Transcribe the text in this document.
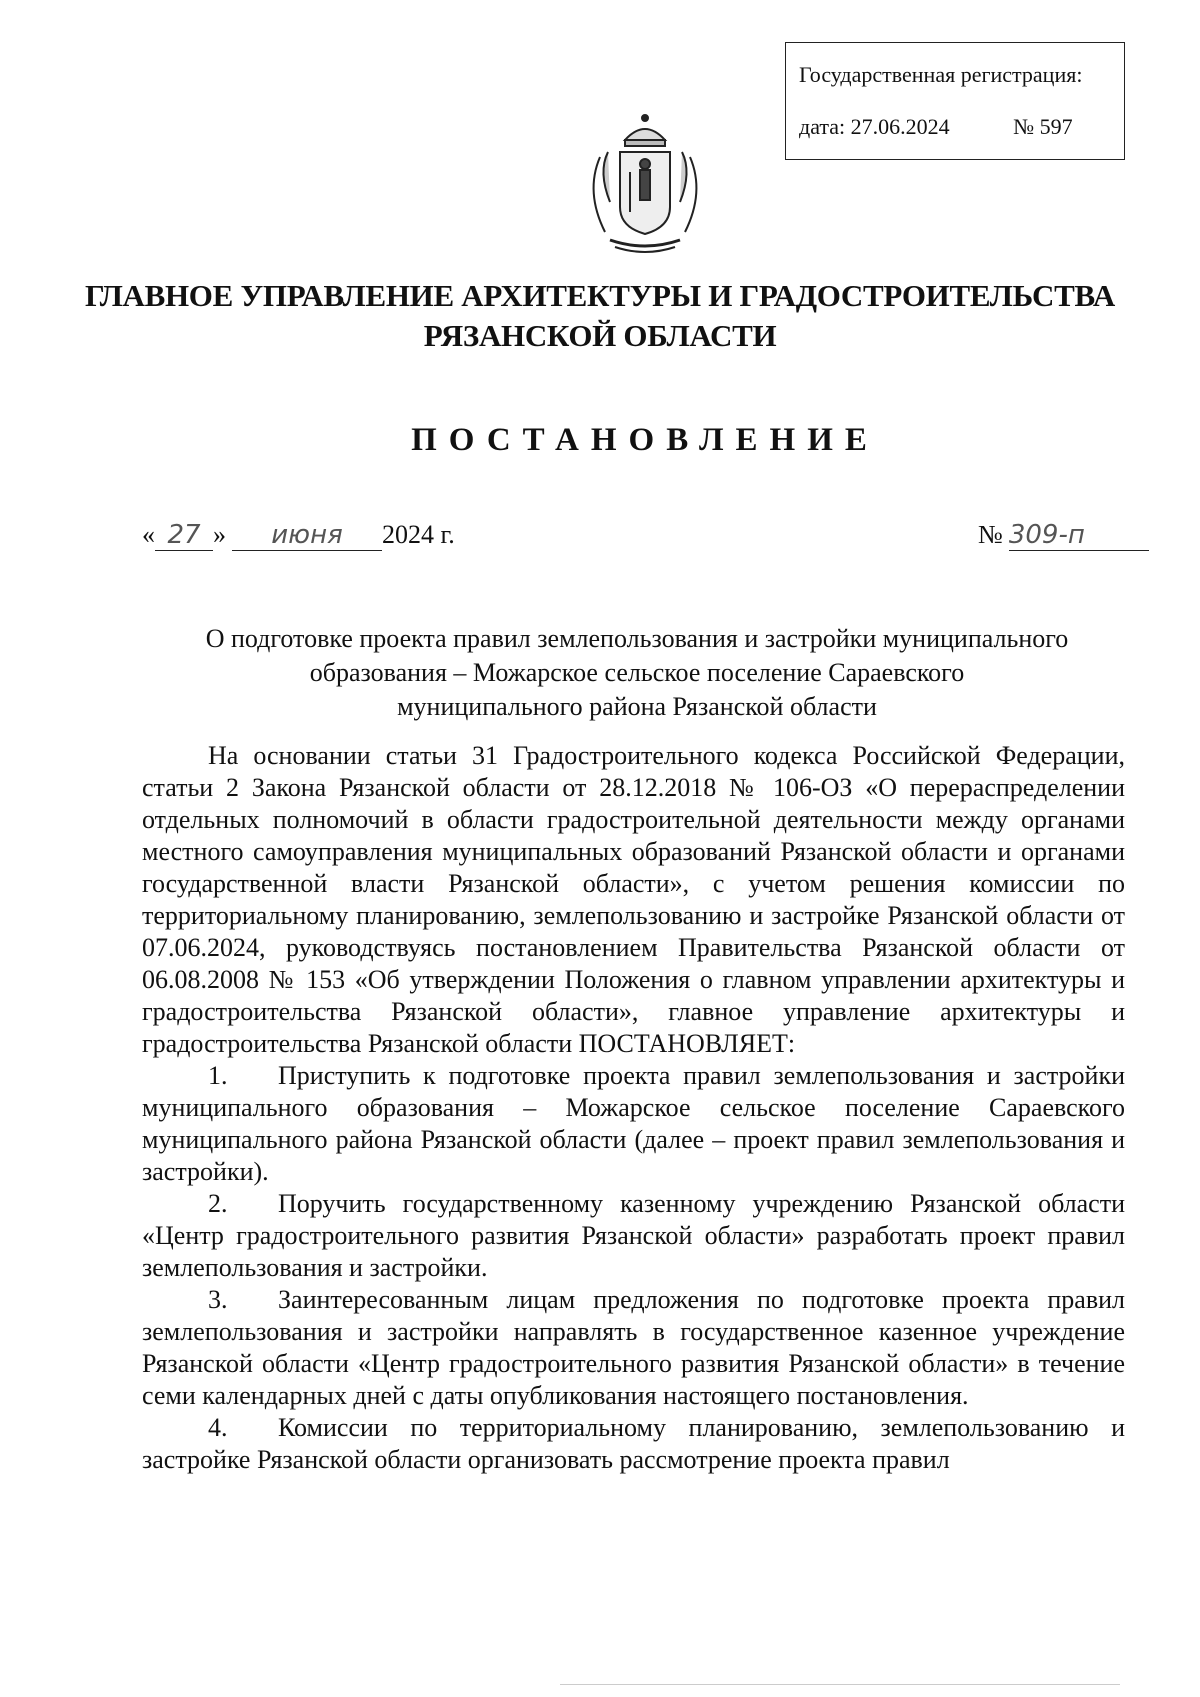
Государственная регистрация:
дата: 27.06.2024	№ 597
ГЛАВНОЕ УПРАВЛЕНИЕ АРХИТЕКТУРЫ И ГРАДОСТРОИТЕЛЬСТВА
РЯЗАНСКОЙ ОБЛАСТИ
ПОСТАНОВЛЕНИЕ
« 27 » июня 2024 г.	№ 309-п
О подготовке проекта правил землепользования и застройки муниципального
образования – Можарское сельское поселение Сараевского
муниципального района Рязанской области

На основании статьи 31 Градостроительного кодекса Российской Федерации, статьи 2 Закона Рязанской области от 28.12.2018 № 106-ОЗ «О перераспределении отдельных полномочий в области градостроительной деятельности между органами местного самоуправления муниципальных образований Рязанской области и органами государственной власти Рязанской области», с учетом решения комиссии по территориальному планированию, землепользованию и застройке Рязанской области от 07.06.2024, руководствуясь постановлением Правительства Рязанской области от 06.08.2008 № 153 «Об утверждении Положения о главном управлении архитектуры и градостроительства Рязанской области», главное управление архитектуры и градостроительства Рязанской области ПОСТАНОВЛЯЕТ:

1. Приступить к подготовке проекта правил землепользования и застройки муниципального образования – Можарское сельское поселение Сараевского муниципального района Рязанской области (далее – проект правил землепользования и застройки).

2. Поручить государственному казенному учреждению Рязанской области «Центр градостроительного развития Рязанской области» разработать проект правил землепользования и застройки.

3. Заинтересованным лицам предложения по подготовке проекта правил землепользования и застройки направлять в государственное казенное учреждение Рязанской области «Центр градостроительного развития Рязанской области» в течение семи календарных дней с даты опубликования настоящего постановления.

4. Комиссии по территориальному планированию, землепользованию и застройке Рязанской области организовать рассмотрение проекта правил
